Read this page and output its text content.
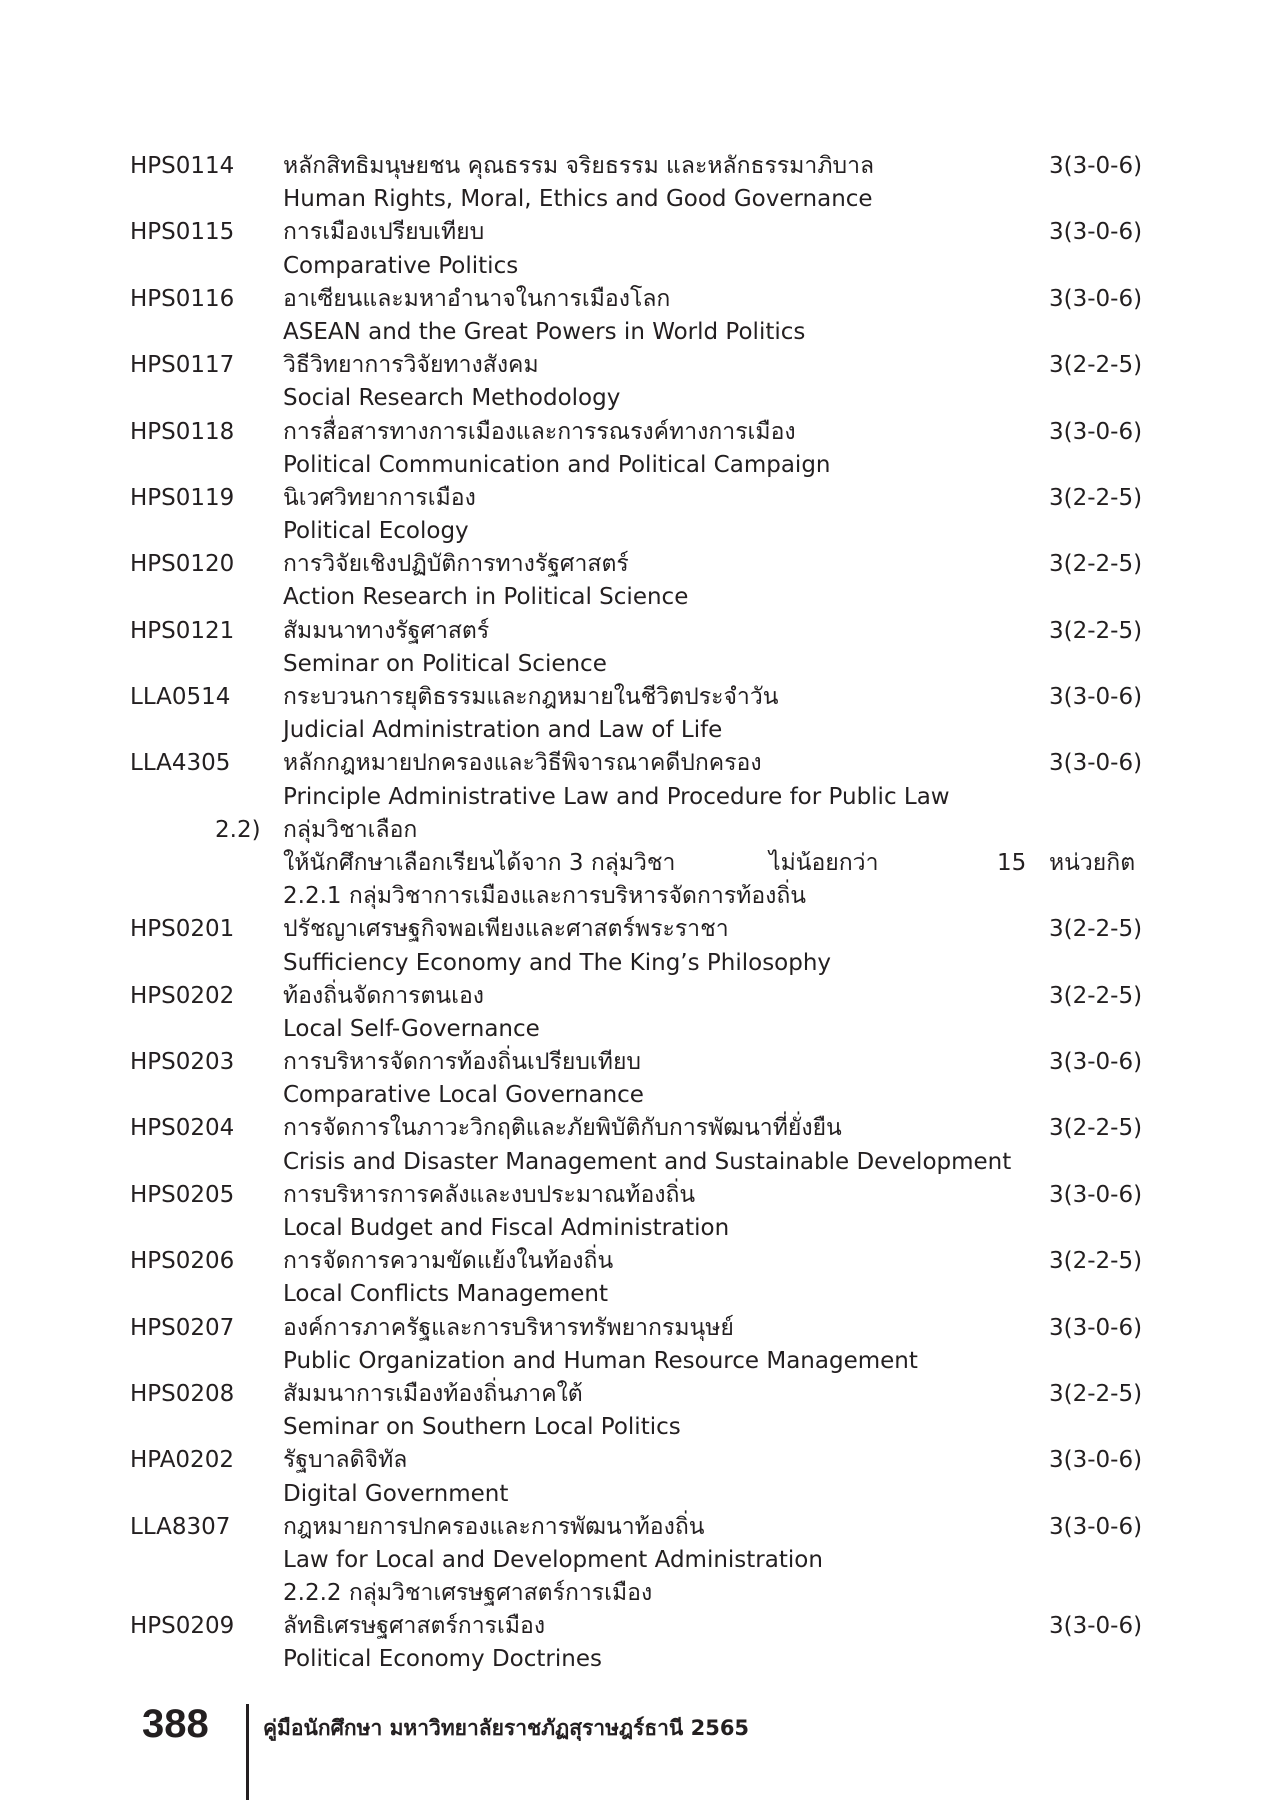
HPS0114 หลักสิทธิมนุษยชน คุณธรรม จริยธรรม และหลักธรรมาภิบาล	3(3-0-6)
Human Rights, Moral, Ethics and Good Governance
HPS0115 การเมืองเปรียบเทียบ	3(3-0-6)
Comparative Politics
HPS0116 อาเซียนและมหาอำนาจในการเมืองโลก	3(3-0-6)
ASEAN and the Great Powers in World Politics
HPS0117 วิธีวิทยาการวิจัยทางสังคม	3(2-2-5)
Social Research Methodology
HPS0118 การสื่อสารทางการเมืองและการรณรงค์ทางการเมือง	3(3-0-6)
Political Communication and Political Campaign
HPS0119 นิเวศวิทยาการเมือง	3(2-2-5)
Political Ecology
HPS0120 การวิจัยเชิงปฏิบัติการทางรัฐศาสตร์	3(2-2-5)
Action Research in Political Science
HPS0121 สัมมนาทางรัฐศาสตร์	3(2-2-5)
Seminar on Political Science
LLA0514 กระบวนการยุติธรรมและกฎหมายในชีวิตประจำวัน	3(3-0-6)
Judicial Administration and Law of Life
LLA4305 หลักกฎหมายปกครองและวิธีพิจารณาคดีปกครอง	3(3-0-6)
Principle Administrative Law and Procedure for Public Law
2.2) กลุ่มวิชาเลือก
ให้นักศึกษาเลือกเรียนได้จาก 3 กลุ่มวิชา	ไม่น้อยกว่า	15 หน่วยกิต
2.2.1 กลุ่มวิชาการเมืองและการบริหารจัดการท้องถิ่น
HPS0201 ปรัชญาเศรษฐกิจพอเพียงและศาสตร์พระราชา	3(2-2-5)
Sufficiency Economy and The King’s Philosophy
HPS0202 ท้องถิ่นจัดการตนเอง	3(2-2-5)
Local Self-Governance
HPS0203 การบริหารจัดการท้องถิ่นเปรียบเทียบ	3(3-0-6)
Comparative Local Governance
HPS0204 การจัดการในภาวะวิกฤติและภัยพิบัติกับการพัฒนาที่ยั่งยืน	3(2-2-5)
Crisis and Disaster Management and Sustainable Development
HPS0205 การบริหารการคลังและงบประมาณท้องถิ่น	3(3-0-6)
Local Budget and Fiscal Administration
HPS0206 การจัดการความขัดแย้งในท้องถิ่น	3(2-2-5)
Local Conflicts Management
HPS0207 องค์การภาครัฐและการบริหารทรัพยากรมนุษย์	3(3-0-6)
Public Organization and Human Resource Management
HPS0208 สัมมนาการเมืองท้องถิ่นภาคใต้	3(2-2-5)
Seminar on Southern Local Politics
HPA0202 รัฐบาลดิจิทัล	3(3-0-6)
Digital Government
LLA8307 กฎหมายการปกครองและการพัฒนาท้องถิ่น	3(3-0-6)
Law for Local and Development Administration
2.2.2 กลุ่มวิชาเศรษฐศาสตร์การเมือง
HPS0209 ลัทธิเศรษฐศาสตร์การเมือง	3(3-0-6)
Political Economy Doctrines
388	คู่มือนักศึกษา มหาวิทยาลัยราชภัฏสุราษฎร์ธานี 2565
